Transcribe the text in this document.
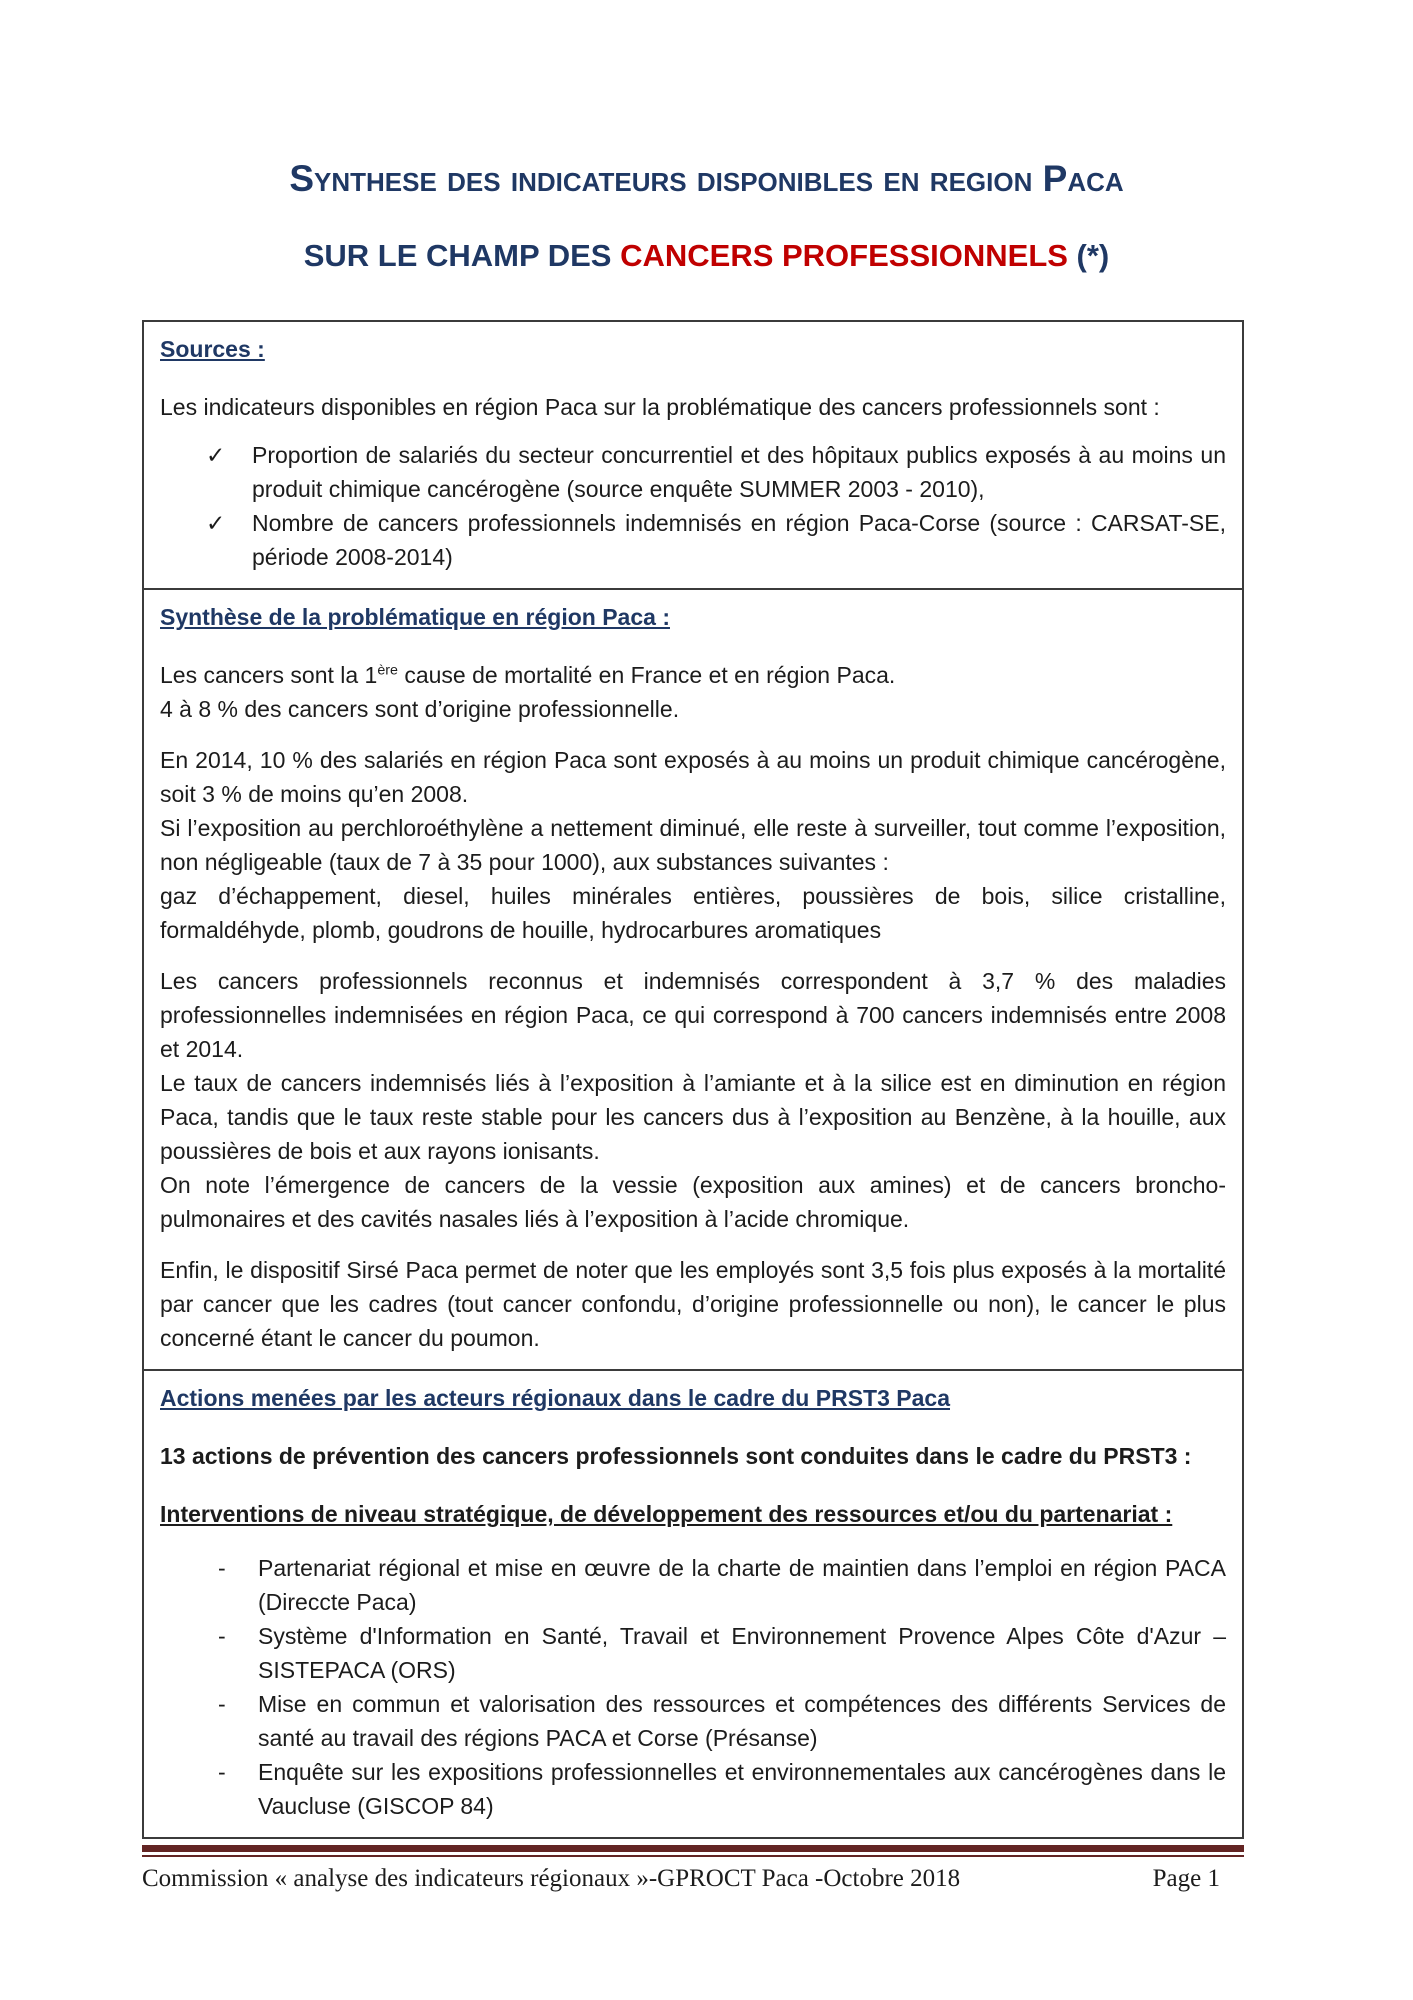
Synthese des indicateurs disponibles en region Paca
SUR LE CHAMP DES CANCERS PROFESSIONNELS (*)
Sources :

Les indicateurs disponibles en région Paca sur la problématique des cancers professionnels sont :

✓	Proportion de salariés du secteur concurrentiel et des hôpitaux publics exposés à au moins un produit chimique cancérogène (source enquête SUMMER 2003 - 2010),
✓	Nombre de cancers professionnels indemnisés en région Paca-Corse (source : CARSAT-SE, période 2008-2014)
Synthèse de la problématique en région Paca :

Les cancers sont la 1ère cause de mortalité en France et en région Paca.

4 à 8 % des cancers sont d’origine professionnelle.

En 2014, 10 % des salariés en région Paca sont exposés à au moins un produit chimique cancérogène, soit 3 % de moins qu’en 2008.

Si l’exposition au perchloroéthylène a nettement diminué, elle reste à surveiller, tout comme l’exposition, non négligeable (taux de 7 à 35 pour 1000), aux substances suivantes :

gaz d’échappement, diesel, huiles minérales entières, poussières de bois, silice cristalline, formaldéhyde, plomb, goudrons de houille, hydrocarbures aromatiques

Les cancers professionnels reconnus et indemnisés correspondent à 3,7 % des maladies professionnelles indemnisées en région Paca, ce qui correspond à 700 cancers indemnisés entre 2008 et 2014.

Le taux de cancers indemnisés liés à l’exposition à l’amiante et à la silice est en diminution en région Paca, tandis que le taux reste stable pour les cancers dus à l’exposition au Benzène, à la houille, aux poussières de bois et aux rayons ionisants.

On note l’émergence de cancers de la vessie (exposition aux amines) et de cancers broncho-pulmonaires et des cavités nasales liés à l’exposition à l’acide chromique.

Enfin, le dispositif Sirsé Paca permet de noter que les employés sont 3,5 fois plus exposés à la mortalité par cancer que les cadres (tout cancer confondu, d’origine professionnelle ou non), le cancer le plus concerné étant le cancer du poumon.

Actions menées par les acteurs régionaux dans le cadre du PRST3 Paca

13 actions de prévention des cancers professionnels sont conduites dans le cadre du PRST3 :

Interventions de niveau stratégique, de développement des ressources et/ou du partenariat :

-	Partenariat régional et mise en œuvre de la charte de maintien dans l’emploi en région PACA (Direccte Paca)
-	Système d'Information en Santé, Travail et Environnement Provence Alpes Côte d'Azur – SISTEPACA (ORS)
-	Mise en commun et valorisation des ressources et compétences des différents Services de santé au travail des régions PACA et Corse (Présanse)
-	Enquête sur les expositions professionnelles et environnementales aux cancérogènes dans le Vaucluse (GISCOP 84)
Commission « analyse des indicateurs régionaux »-GPROCT Paca -Octobre 2018	Page 1
